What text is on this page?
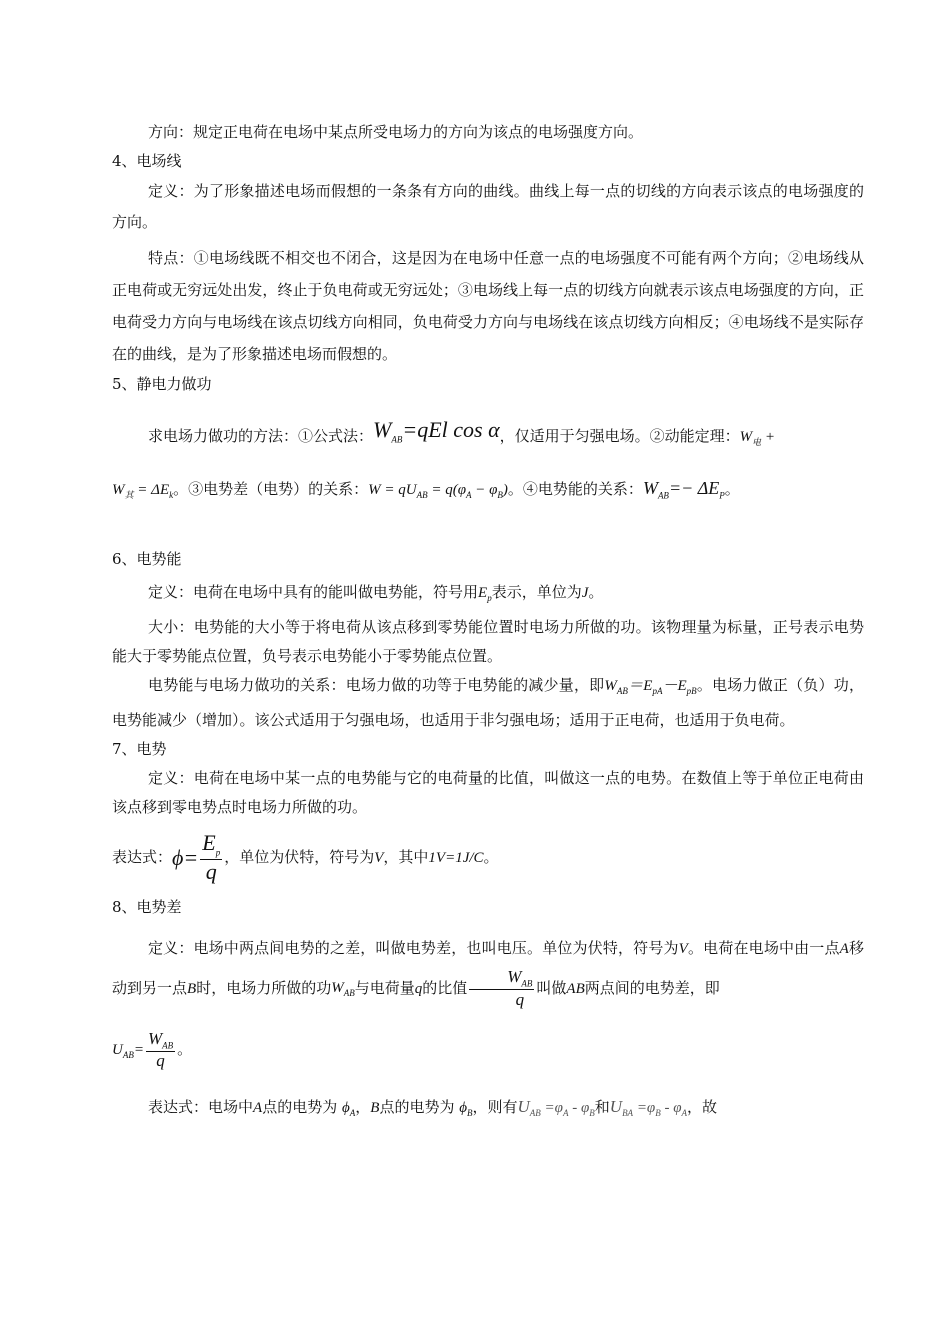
方向：规定正电荷在电场中某点所受电场力的方向为该点的电场强度方向。

4、电场线

定义：为了形象描述电场而假想的一条条有方向的曲线。曲线上每一点的切线的方向表示该点的电场强度的方向。

特点：①电场线既不相交也不闭合，这是因为在电场中任意一点的电场强度不可能有两个方向；②电场线从正电荷或无穷远处出发，终止于负电荷或无穷远处；③电场线上每一点的切线方向就表示该点电场强度的方向，正电荷受力方向与电场线在该点切线方向相同，负电荷受力方向与电场线在该点切线方向相反；④电场线不是实际存在的曲线，是为了形象描述电场而假想的。

5、静电力做功

求电场力做功的方法：①公式法：$W_{AB}=qEl$ cos α，仅适用于匀强电场。②动能定理：$W_电$ +
$W_其 = \Delta E_k$。③电势差（电势）的关系：$W = qU_{AB} = q(\varphi_A - \varphi_B)$。④电势能的关系：$W_{AB}=- \Delta E_P$。

6、电势能

定义：电荷在电场中具有的能叫做电势能，符号用$E_p$表示，单位为J。

大小：电势能的大小等于将电荷从该点移到零势能位置时电场力所做的功。该物理量为标量，正号表示电势能大于零势能点位置，负号表示电势能小于零势能点位置。

电势能与电场力做功的关系：电场力做的功等于电势能的减少量，即$W_{AB}=E_{pA}-E_{pB}$。电场力做正（负）功，电势能减少（增加）。该公式适用于匀强电场，也适用于非匀强电场；适用于正电荷，也适用于负电荷。

7、电势

定义：电荷在电场中某一点的电势能与它的电荷量的比值，叫做这一点的电势。在数值上等于单位正电荷由该点移到零电势点时电场力所做的功。

表达式：$\phi= \frac{E_p}{q}$ ，单位为伏特，符号为V，其中1V=1J/C。

8、电势差

定义：电场中两点间电势的之差，叫做电势差，也叫电压。单位为伏特，符号为V。电荷在电场中由一点A移动到另一点B时，电场力所做的功$W_{AB}$与电荷量q的比值 $\frac{W_{AB}}{q}$ 叫做AB两点间的电势差，即

$U_{AB}= \frac{W_{AB}}{q}$ 。

表达式：电场中A点的电势为 $\phi_A$，B点的电势为 $\phi_B$，则有$U_{AB} =\varphi_A - \varphi_B$和$U_{BA} =\varphi_B - \varphi_A$，故
